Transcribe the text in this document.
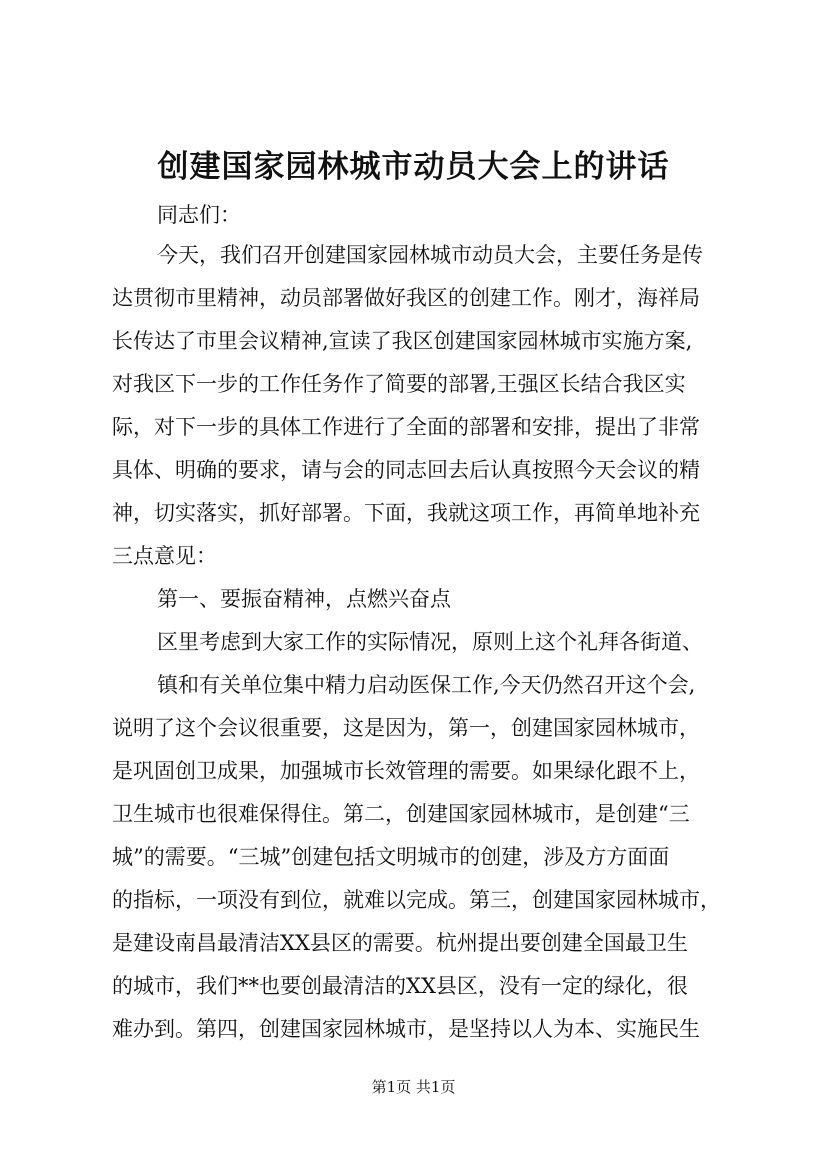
创建国家园林城市动员大会上的讲话
同志们：
今天，我们召开创建国家园林城市动员大会，主要任务是传
达贯彻市里精神，动员部署做好我区的创建工作。刚才，海祥局
长传达了市里会议精神,宣读了我区创建国家园林城市实施方案,
对我区下一步的工作任务作了简要的部署,王强区长结合我区实
际，对下一步的具体工作进行了全面的部署和安排，提出了非常
具体、明确的要求，请与会的同志回去后认真按照今天会议的精
神，切实落实，抓好部署。下面，我就这项工作，再简单地补充
三点意见：
第一、要振奋精神，点燃兴奋点
区里考虑到大家工作的实际情况，原则上这个礼拜各街道、
镇和有关单位集中精力启动医保工作,今天仍然召开这个会,
说明了这个会议很重要，这是因为，第一，创建国家园林城市，
是巩固创卫成果，加强城市长效管理的需要。如果绿化跟不上，
卫生城市也很难保得住。第二，创建国家园林城市，是创建“三
城”的需要。“三城”创建包括文明城市的创建，涉及方方面面
的指标，一项没有到位，就难以完成。第三，创建国家园林城市，
是建设南昌最清洁XX县区的需要。杭州提出要创建全国最卫生
的城市，我们**也要创最清洁的XX县区，没有一定的绿化，很
难办到。第四，创建国家园林城市，是坚持以人为本、实施民生
第1页 共1页
